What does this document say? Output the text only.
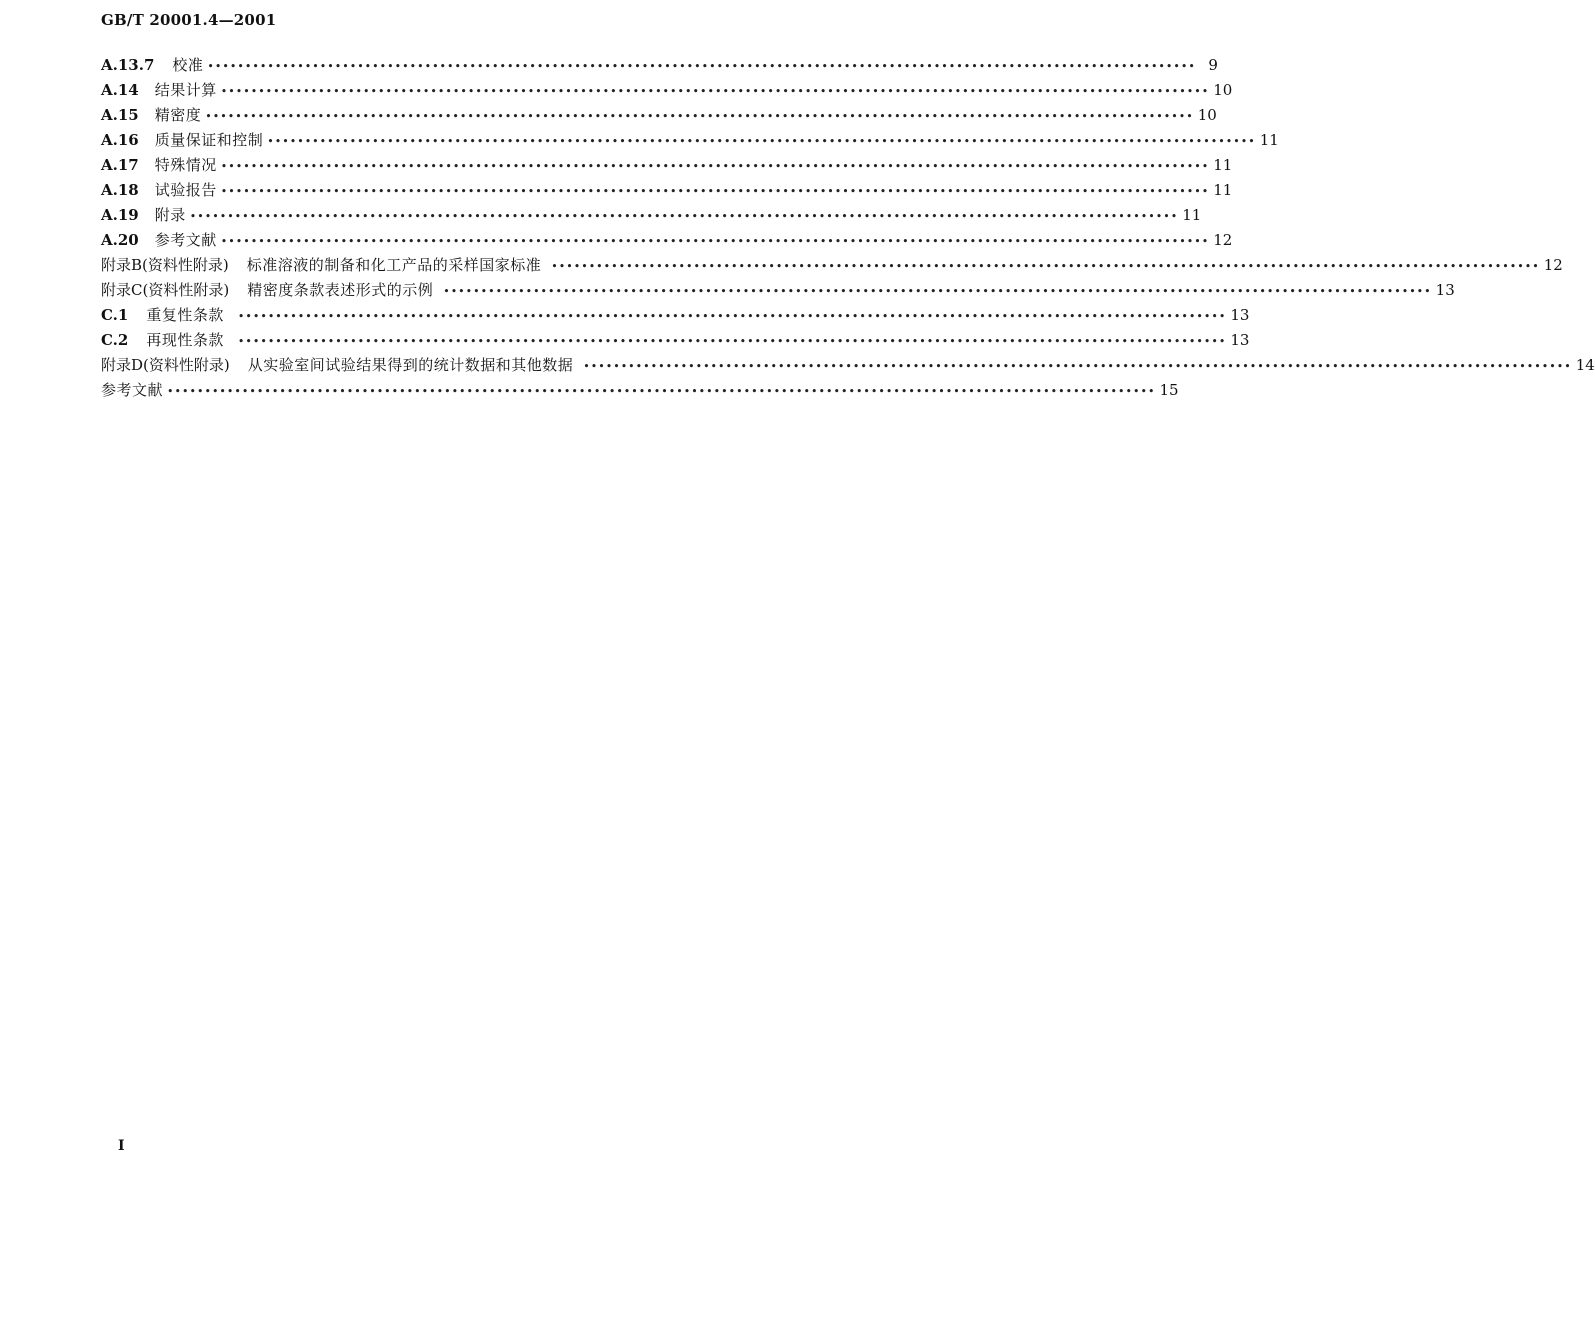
GB/T 20001.4—2001
A.13.7 校准 •••••••••••••••••••••••••••••••••••••••••••••••••••••••••••••••••••••••••••••••••••••••••••••••••••••••••••••••••••••••••••••••••••• 9
A.14 结果计算 •••••••••••••••••••••••••••••••••••••••••••••••••••••••••••••••••••••••••••••••••••••••••••••••••••••••••••••••••••••••••••••••••••• 10
A.15 精密度 •••••••••••••••••••••••••••••••••••••••••••••••••••••••••••••••••••••••••••••••••••••••••••••••••••••••••••••••••••••••••••••••••••• 10
A.16 质量保证和控制 •••••••••••••••••••••••••••••••••••••••••••••••••••••••••••••••••••••••••••••••••••••••••••••••••••••••••••••••••••••••••••••••••••• 11
A.17 特殊情况 •••••••••••••••••••••••••••••••••••••••••••••••••••••••••••••••••••••••••••••••••••••••••••••••••••••••••••••••••••••••••••••••••••• 11
A.18 试验报告 •••••••••••••••••••••••••••••••••••••••••••••••••••••••••••••••••••••••••••••••••••••••••••••••••••••••••••••••••••••••••••••••••••• 11
A.19 附录 •••••••••••••••••••••••••••••••••••••••••••••••••••••••••••••••••••••••••••••••••••••••••••••••••••••••••••••••••••••••••••••••••••• 11
A.20 参考文献 •••••••••••••••••••••••••••••••••••••••••••••••••••••••••••••••••••••••••••••••••••••••••••••••••••••••••••••••••••••••••••••••••••• 12
附录B(资料性附录) 标准溶液的制备和化工产品的采样国家标准 •••••••••••••••••••••••••••••••••••••••••••••••••••••••••••••••••••••••••••••••••••••••••••••••••••••••••••••••••••••••••••••••••••• 12
附录C(资料性附录) 精密度条款表述形式的示例 •••••••••••••••••••••••••••••••••••••••••••••••••••••••••••••••••••••••••••••••••••••••••••••••••••••••••••••••••••••••••••••••••••• 13
C.1 重复性条款 •••••••••••••••••••••••••••••••••••••••••••••••••••••••••••••••••••••••••••••••••••••••••••••••••••••••••••••••••••••••••••••••••••• 13
C.2 再现性条款 •••••••••••••••••••••••••••••••••••••••••••••••••••••••••••••••••••••••••••••••••••••••••••••••••••••••••••••••••••••••••••••••••••• 13
附录D(资料性附录) 从实验室间试验结果得到的统计数据和其他数据 •••••••••••••••••••••••••••••••••••••••••••••••••••••••••••••••••••••••••••••••••••••••••••••••••••••••••••••••••••••••••••••••••••• 14
参考文献 •••••••••••••••••••••••••••••••••••••••••••••••••••••••••••••••••••••••••••••••••••••••••••••••••••••••••••••••••••••••••••••••••••• 15
I
